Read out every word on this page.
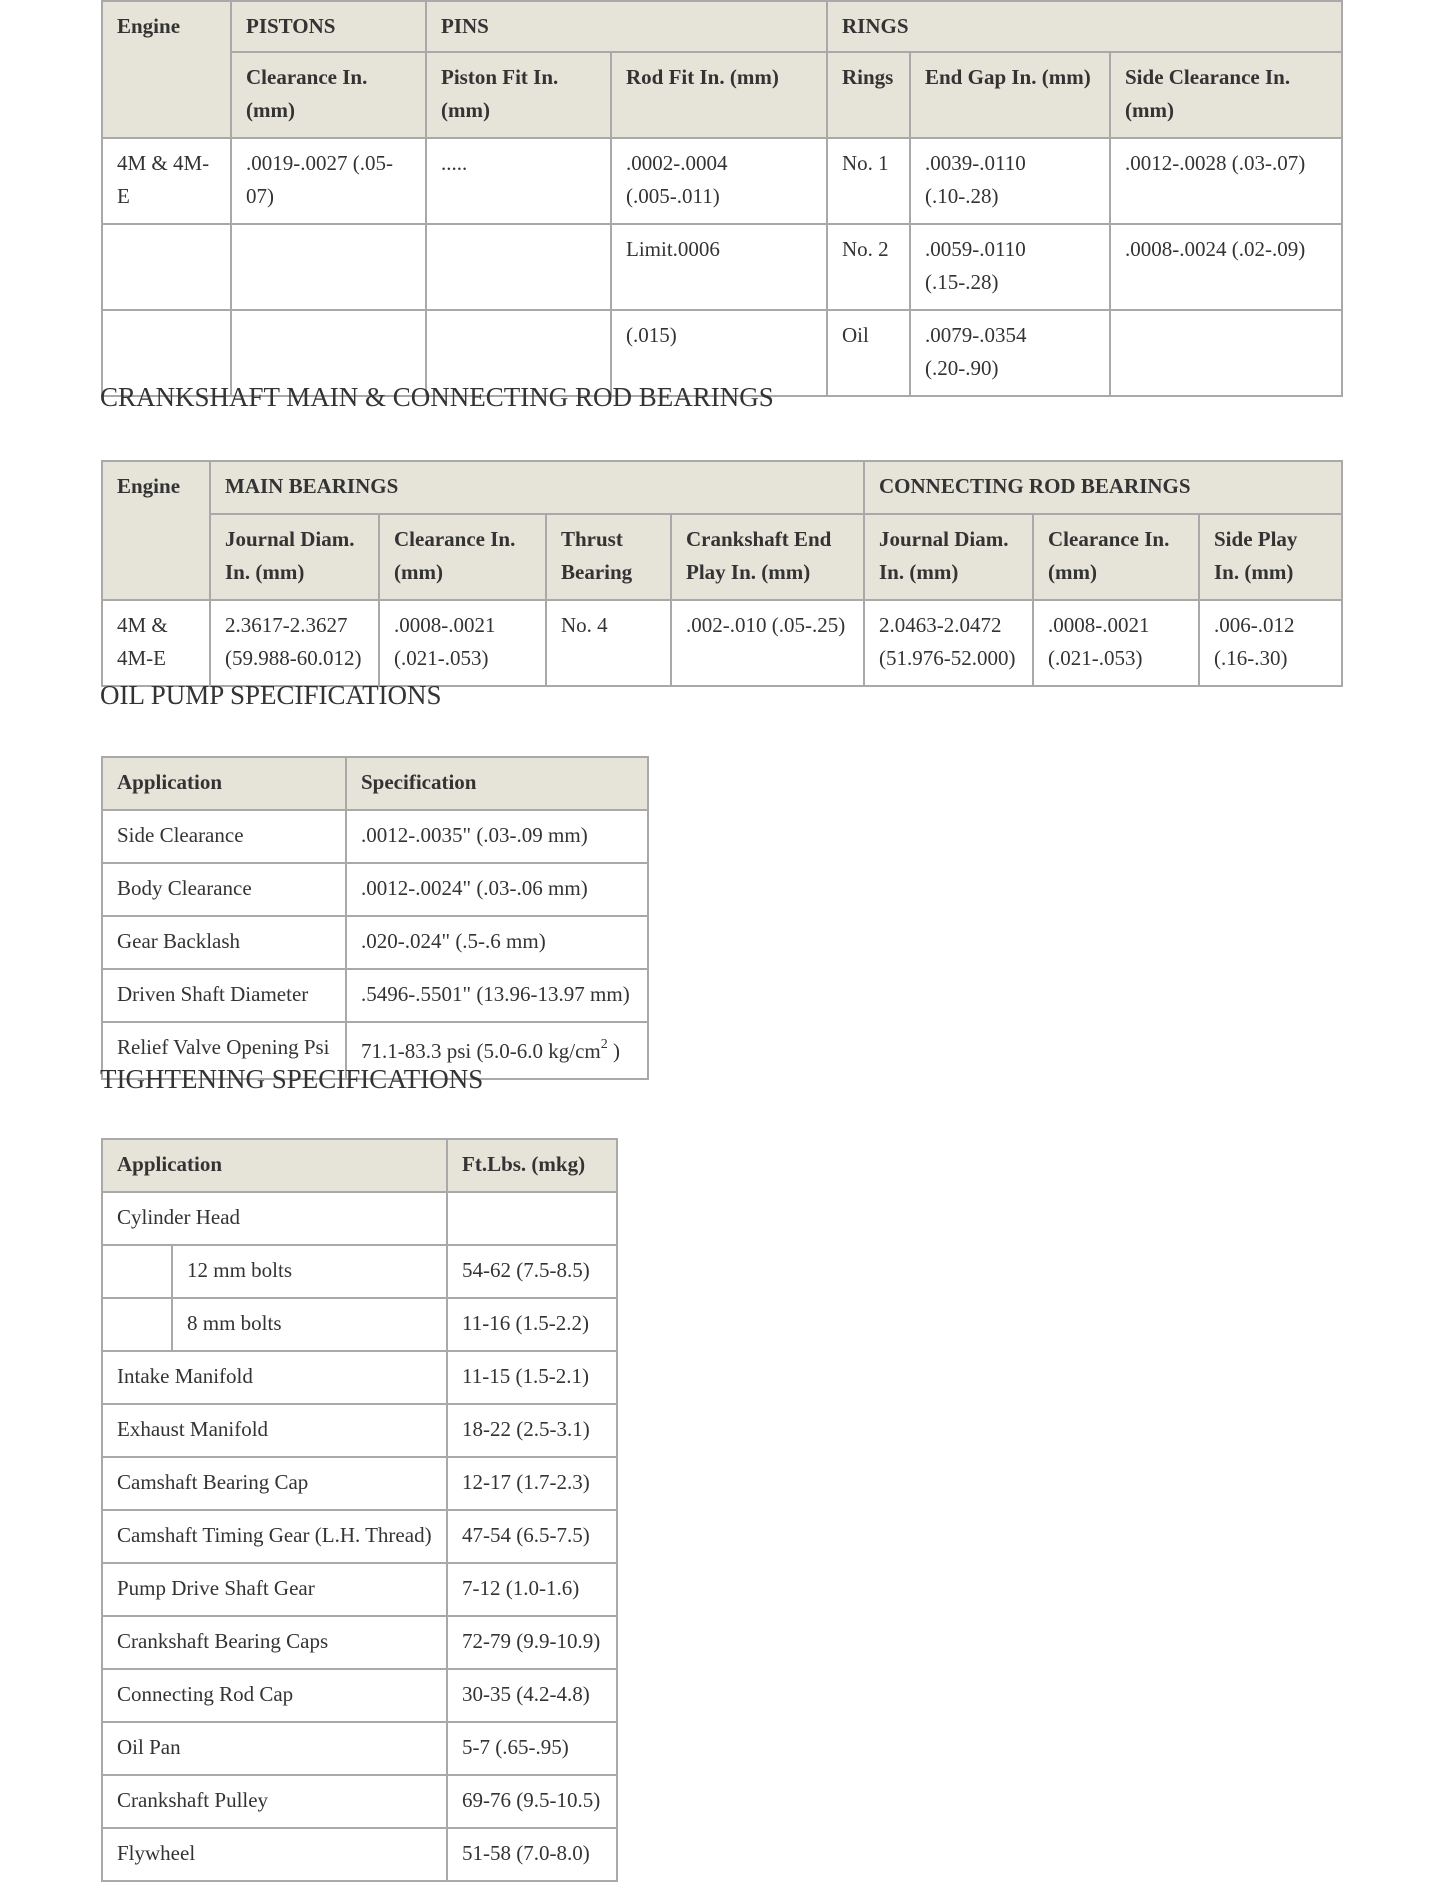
Engine	PISTONS	PINS		RINGS		
	Clearance In. (mm)	Piston Fit In. (mm)	Rod Fit In. (mm)	Rings	End Gap In. (mm)	Side Clearance In. (mm)
4M & 4M-E	.0019-.0027 (.05-07)	.....	.0002-.0004 (.005-.011)	No. 1	.0039-.0110 (.10-.28)	.0012-.0028 (.03-.07)
			Limit.0006	No. 2	.0059-.0110 (.15-.28)	.0008-.0024 (.02-.09)
			(.015)	Oil	.0079-.0354 (.20-.90)	
CRANKSHAFT MAIN & CONNECTING ROD BEARINGS
Engine	MAIN BEARINGS				CONNECTING ROD BEARINGS		
	Journal Diam. In. (mm)	Clearance In. (mm)	Thrust Bearing	Crankshaft End Play In. (mm)	Journal Diam. In. (mm)	Clearance In. (mm)	Side Play In. (mm)
4M & 4M-E	2.3617-2.3627 (59.988-60.012)	.0008-.0021 (.021-.053)	No. 4	.002-.010 (.05-.25)	2.0463-2.0472 (51.976-52.000)	.0008-.0021 (.021-.053)	.006-.012 (.16-.30)
OIL PUMP SPECIFICATIONS
Application	Specification
Side Clearance	.0012-.0035" (.03-.09 mm)
Body Clearance	.0012-.0024" (.03-.06 mm)
Gear Backlash	.020-.024" (.5-.6 mm)
Driven Shaft Diameter	.5496-.5501" (13.96-13.97 mm)
Relief Valve Opening Psi	71.1-83.3 psi (5.0-6.0 $kg/cm^2$ )
TIGHTENING SPECIFICATIONS
Application		Ft.Lbs. (mkg)
Cylinder Head		
	12 mm bolts	54-62 (7.5-8.5)
	8 mm bolts	11-16 (1.5-2.2)
Intake Manifold		11-15 (1.5-2.1)
Exhaust Manifold		18-22 (2.5-3.1)
Camshaft Bearing Cap		12-17 (1.7-2.3)
Camshaft Timing Gear (L.H. Thread)		47-54 (6.5-7.5)
Pump Drive Shaft Gear		7-12 (1.0-1.6)
Crankshaft Bearing Caps		72-79 (9.9-10.9)
Connecting Rod Cap		30-35 (4.2-4.8)
Oil Pan		5-7 (.65-.95)
Crankshaft Pulley		69-76 (9.5-10.5)
Flywheel		51-58 (7.0-8.0)
